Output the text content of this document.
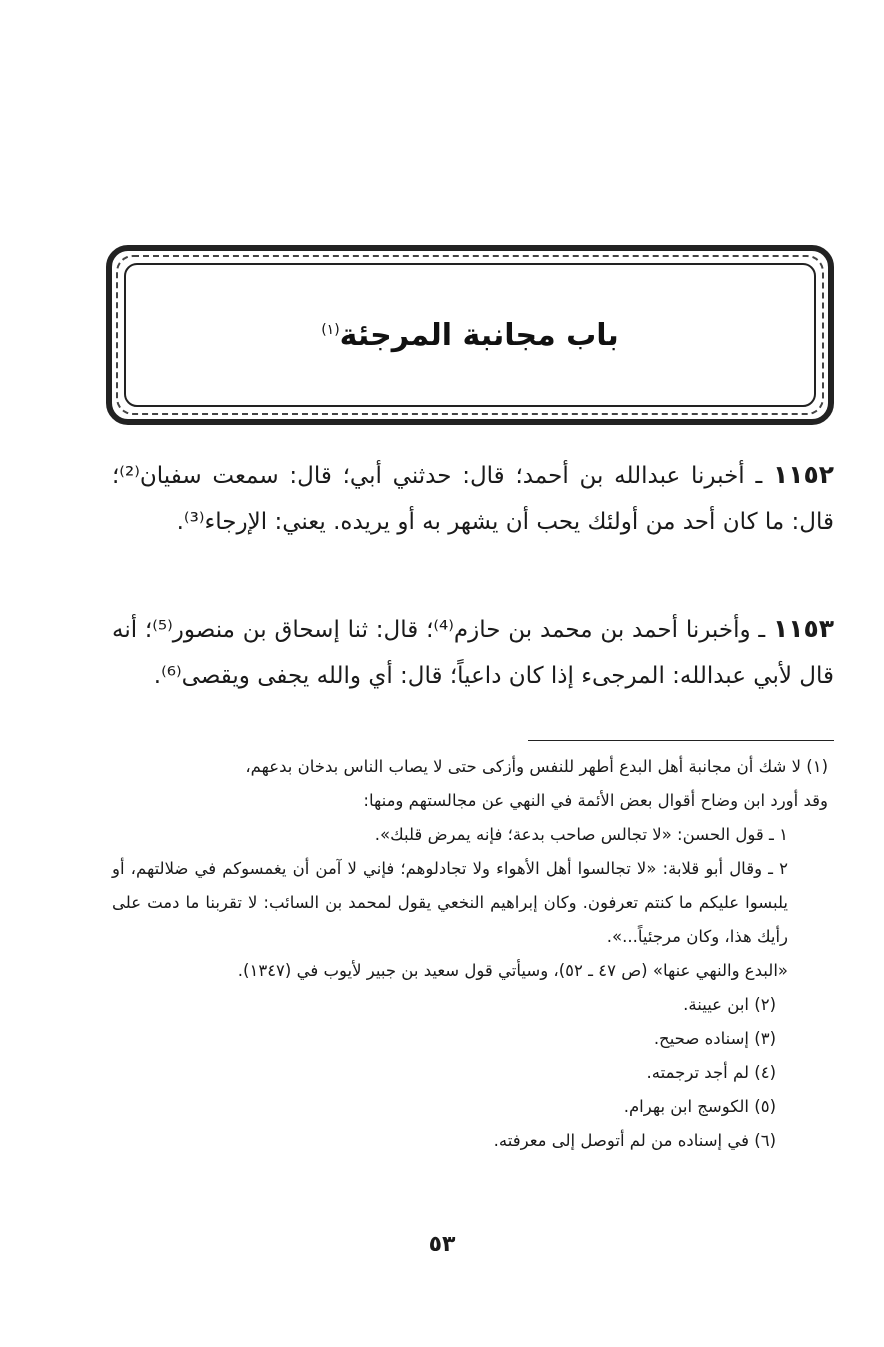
باب مجانبة المرجئة$^{(١)}$
١١٥٢ ـ أخبرنا عبدالله بن أحمد؛ قال: حدثني أبي؛ قال: سمعت سفيان⁽²⁾؛ قال: ما كان أحد من أولئك يحب أن يشهر به أو يريده. يعني: الإرجاء⁽³⁾.
١١٥٣ ـ وأخبرنا أحمد بن محمد بن حازم⁽⁴⁾؛ قال: ثنا إسحاق بن منصور⁽⁵⁾؛ أنه قال لأبي عبدالله: المرجىء إذا كان داعياً؛ قال: أي والله يجفى ويقصى⁽⁶⁾.

(١) لا شك أن مجانبة أهل البدع أطهر للنفس وأزكى حتى لا يصاب الناس بدخان بدعهم،

وقد أورد ابن وضاح أقوال بعض الأئمة في النهي عن مجالستهم ومنها:

١ ـ قول الحسن: «لا تجالس صاحب بدعة؛ فإنه يمرض قلبك».

٢ ـ وقال أبو قلابة: «لا تجالسوا أهل الأهواء ولا تجادلوهم؛ فإني لا آمن أن يغمسوكم في ضلالتهم، أو يلبسوا عليكم ما كنتم تعرفون. وكان إبراهيم النخعي يقول لمحمد بن السائب: لا تقربنا ما دمت على رأيك هذا، وكان مرجئياً...».

«البدع والنهي عنها» (ص ٤٧ ـ ٥٢)، وسيأتي قول سعيد بن جبير لأيوب في (١٣٤٧).

(٢) ابن عيينة.

(٣) إسناده صحيح.

(٤) لم أجد ترجمته.

(٥) الكوسج ابن بهرام.

(٦) في إسناده من لم أتوصل إلى معرفته.

٥٣
